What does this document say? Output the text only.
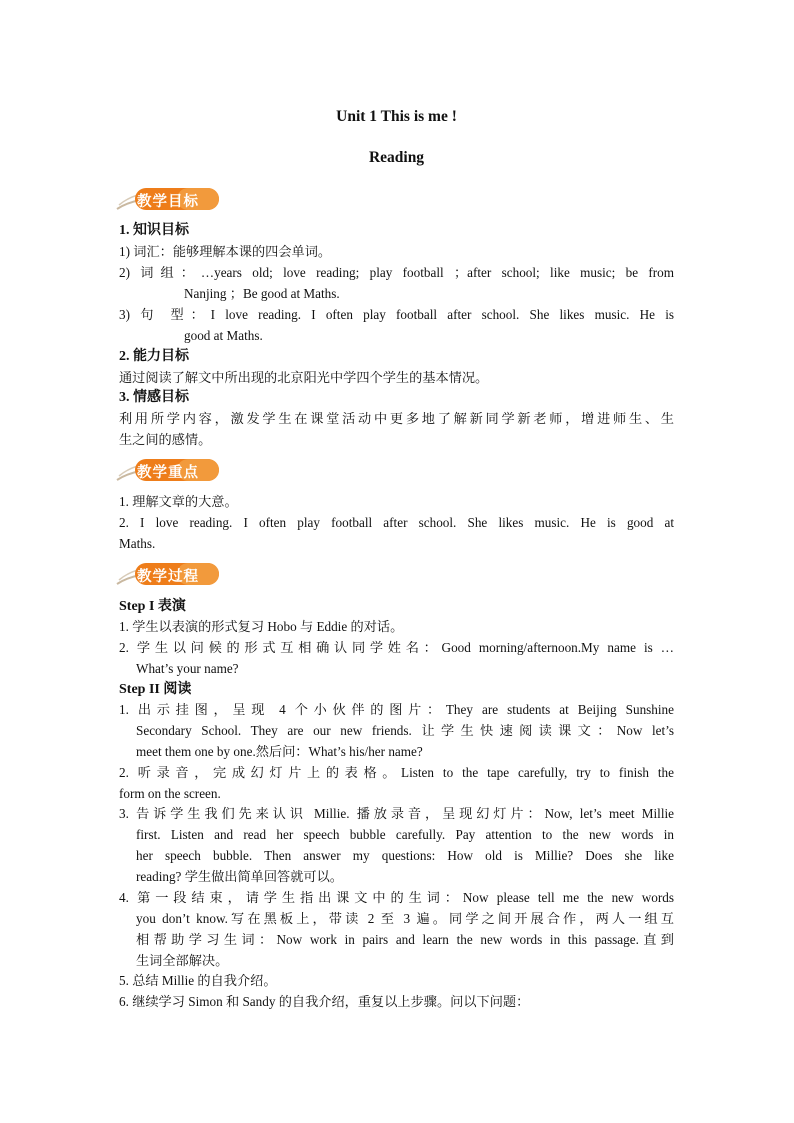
Unit 1 This is me !
Reading
教学目标
1. 知识目标
1) 词汇：能够理解本课的四会单词。
2) 词组：…years old; love reading; play football ；after school; like music; be from
Nanjing ；Be good at Maths.
3) 句 型：I love reading. I often play football after school. She likes music. He is
good at Maths.
2. 能力目标
通过阅读了解文中所出现的北京阳光中学四个学生的基本情况。
3. 情感目标
利用所学内容，激发学生在课堂活动中更多地了解新同学新老师，增进师生、生
生之间的感情。
教学重点
1. 理解文章的大意。
2. I love reading. I often play football after school. She likes music. He is good at
Maths.
教学过程
Step I 表演
1. 学生以表演的形式复习 Hobo 与 Eddie 的对话。
2. 学生以问候的形式互相确认同学姓名：Good morning/afternoon.My name is …
What’s your name?
Step II 阅读
1. 出示挂图，呈现 4 个小伙伴的图片：They are students at Beijing Sunshine
Secondary School. They are our new friends. 让学生快速阅读课文：Now let’s
meet them one by one.然后问：What’s his/her name?
2. 听录音，完成幻灯片上的表格。Listen to the tape carefully, try to finish the
form on the screen.
3. 告诉学生我们先来认识 Millie. 播放录音，呈现幻灯片：Now, let’s meet Millie
first. Listen and read her speech bubble carefully. Pay attention to the new words in
her speech bubble. Then answer my questions: How old is Millie? Does she like
reading? 学生做出简单回答就可以。
4. 第一段结束，请学生指出课文中的生词：Now please tell me the new words
you don’t know.写在黑板上，带读 2 至 3 遍。同学之间开展合作，两人一组互
相帮助学习生词：Now work in pairs and learn the new words in this passage.直到
生词全部解决。
5. 总结 Millie 的自我介绍。
6. 继续学习 Simon 和 Sandy 的自我介绍，重复以上步骤。问以下问题：
